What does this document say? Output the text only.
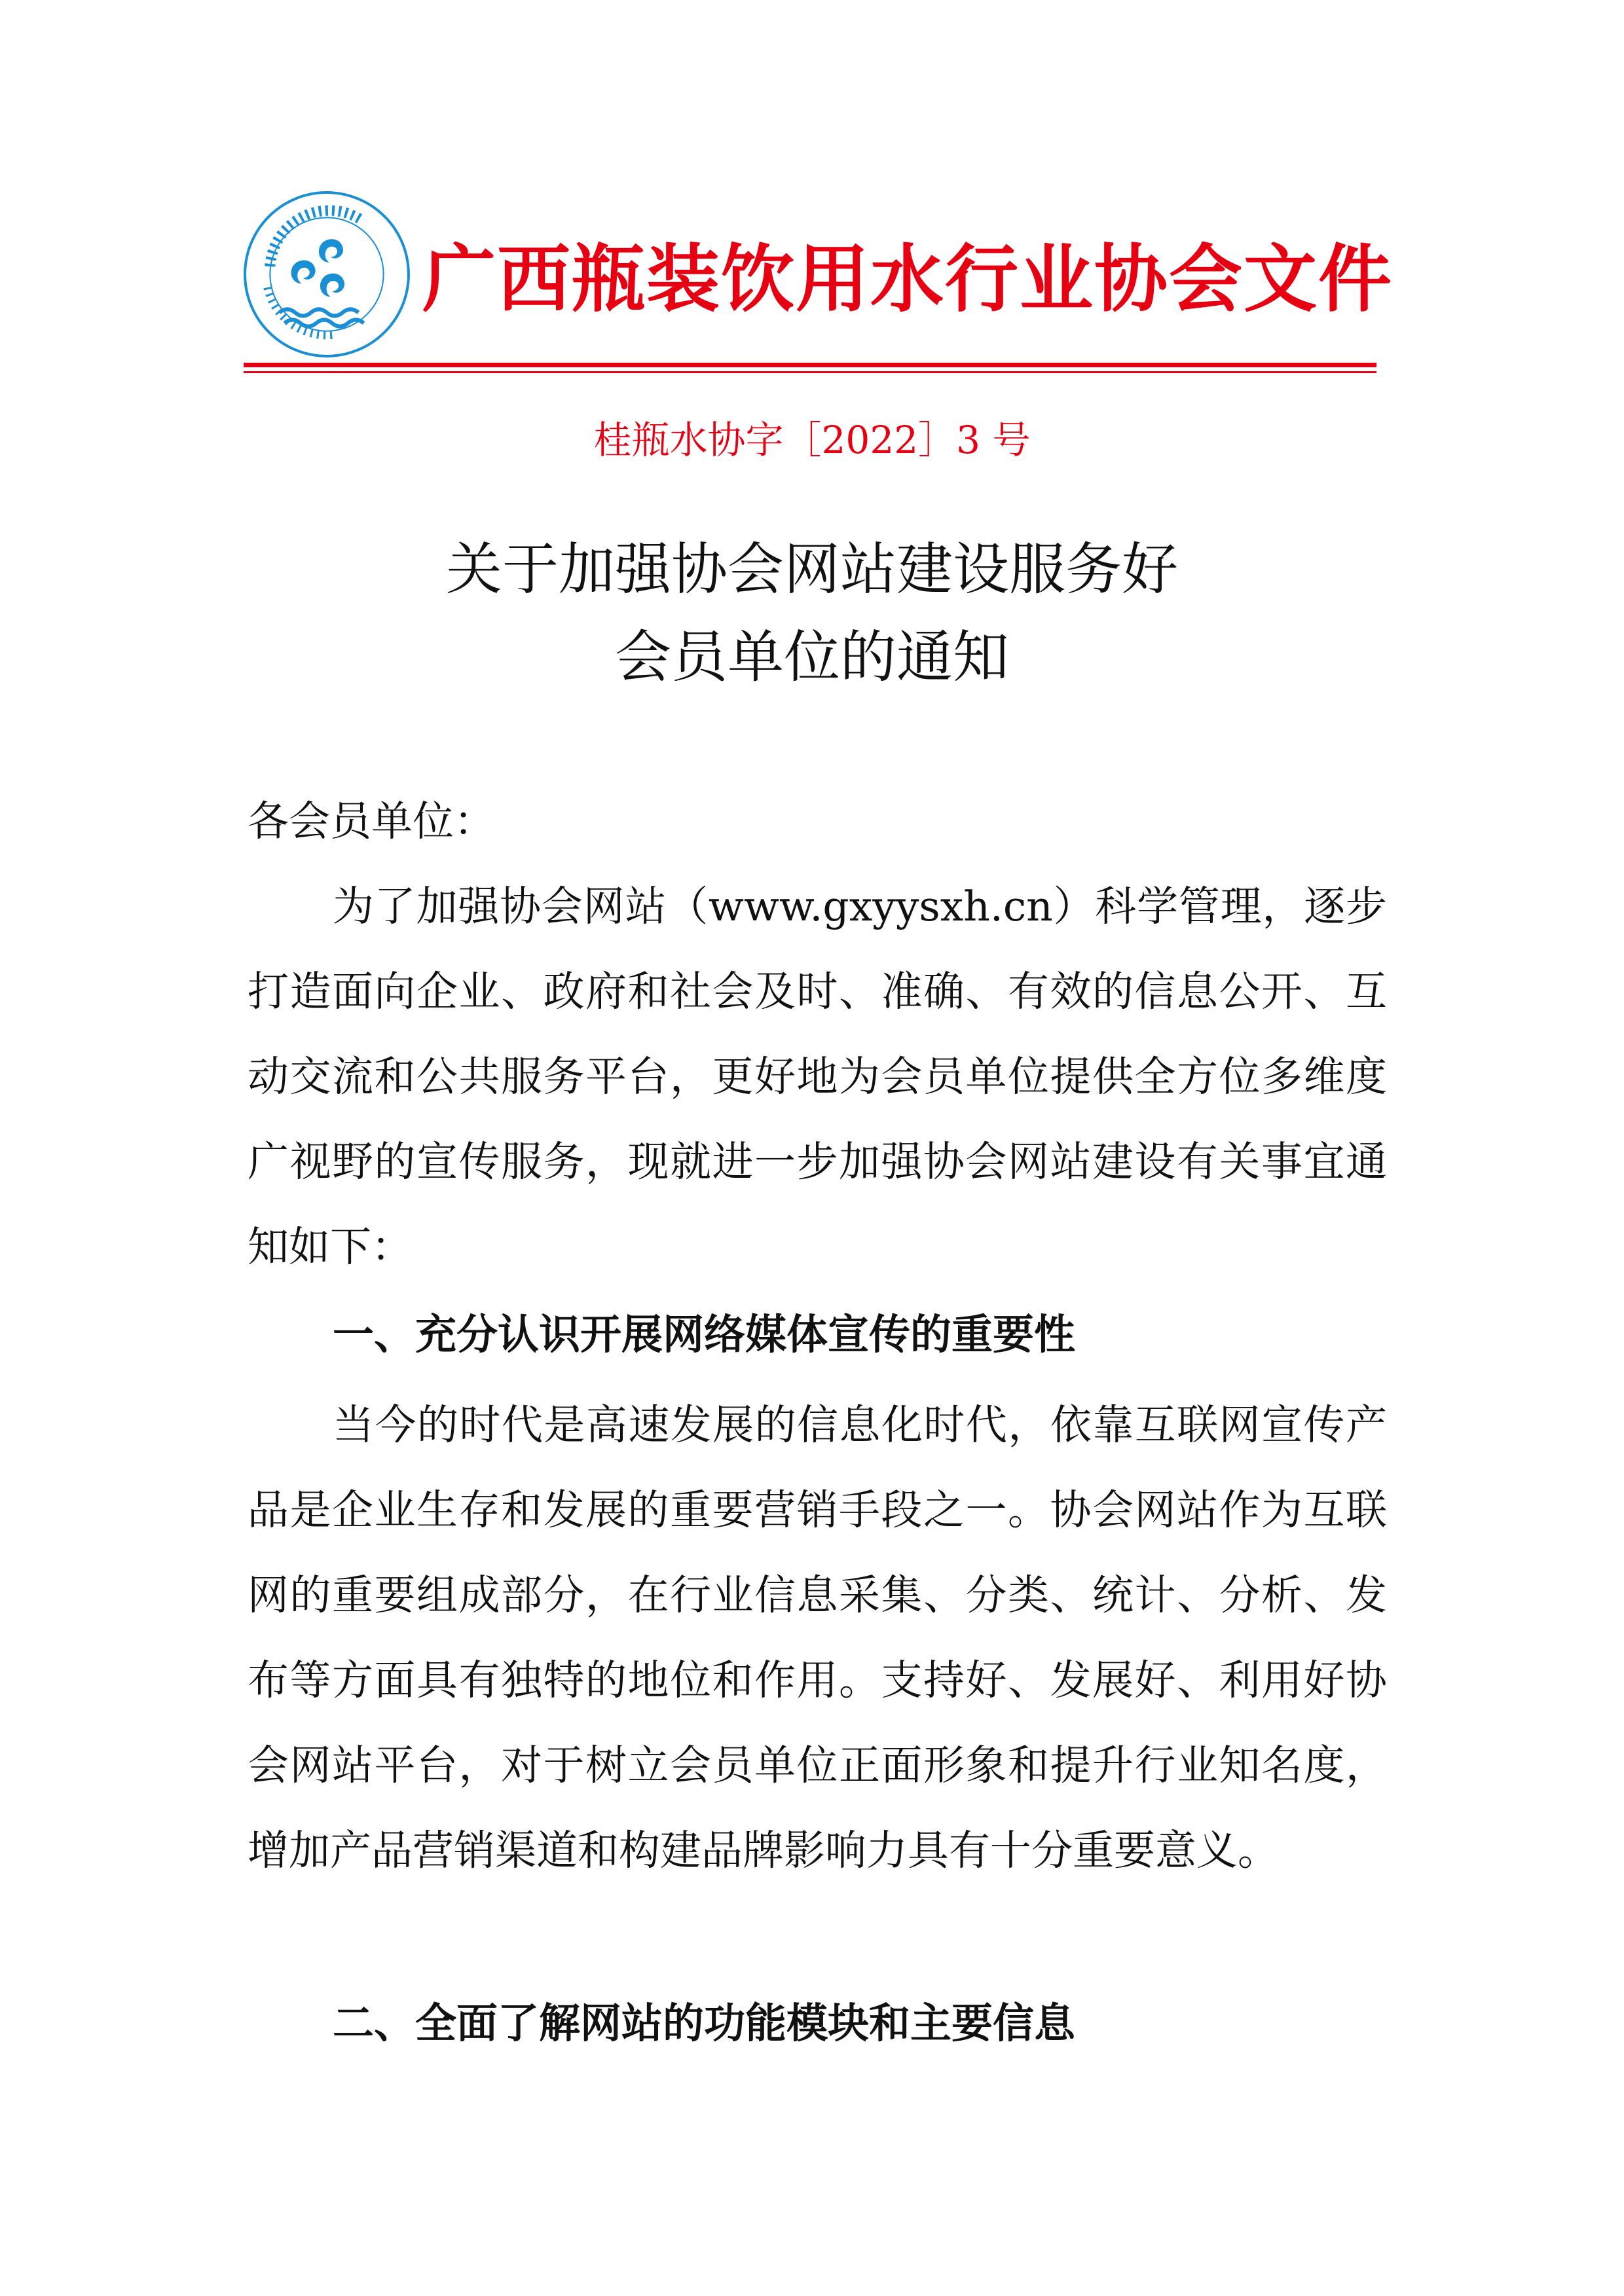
广西瓶装饮用水行业协会文件
桂瓶水协字［2022］3 号
关于加强协会网站建设服务好
会员单位的通知
各会员单位：
为了加强协会网站（www.gxyysxh.cn）科学管理，逐步打造面向企业、政府和社会及时、准确、有效的信息公开、互动交流和公共服务平台，更好地为会员单位提供全方位多维度广视野的宣传服务，现就进一步加强协会网站建设有关事宜通知如下：
一、充分认识开展网络媒体宣传的重要性
当今的时代是高速发展的信息化时代，依靠互联网宣传产品是企业生存和发展的重要营销手段之一。协会网站作为互联网的重要组成部分，在行业信息采集、分类、统计、分析、发布等方面具有独特的地位和作用。支持好、发展好、利用好协会网站平台，对于树立会员单位正面形象和提升行业知名度，增加产品营销渠道和构建品牌影响力具有十分重要意义。
二、全面了解网站的功能模块和主要信息
